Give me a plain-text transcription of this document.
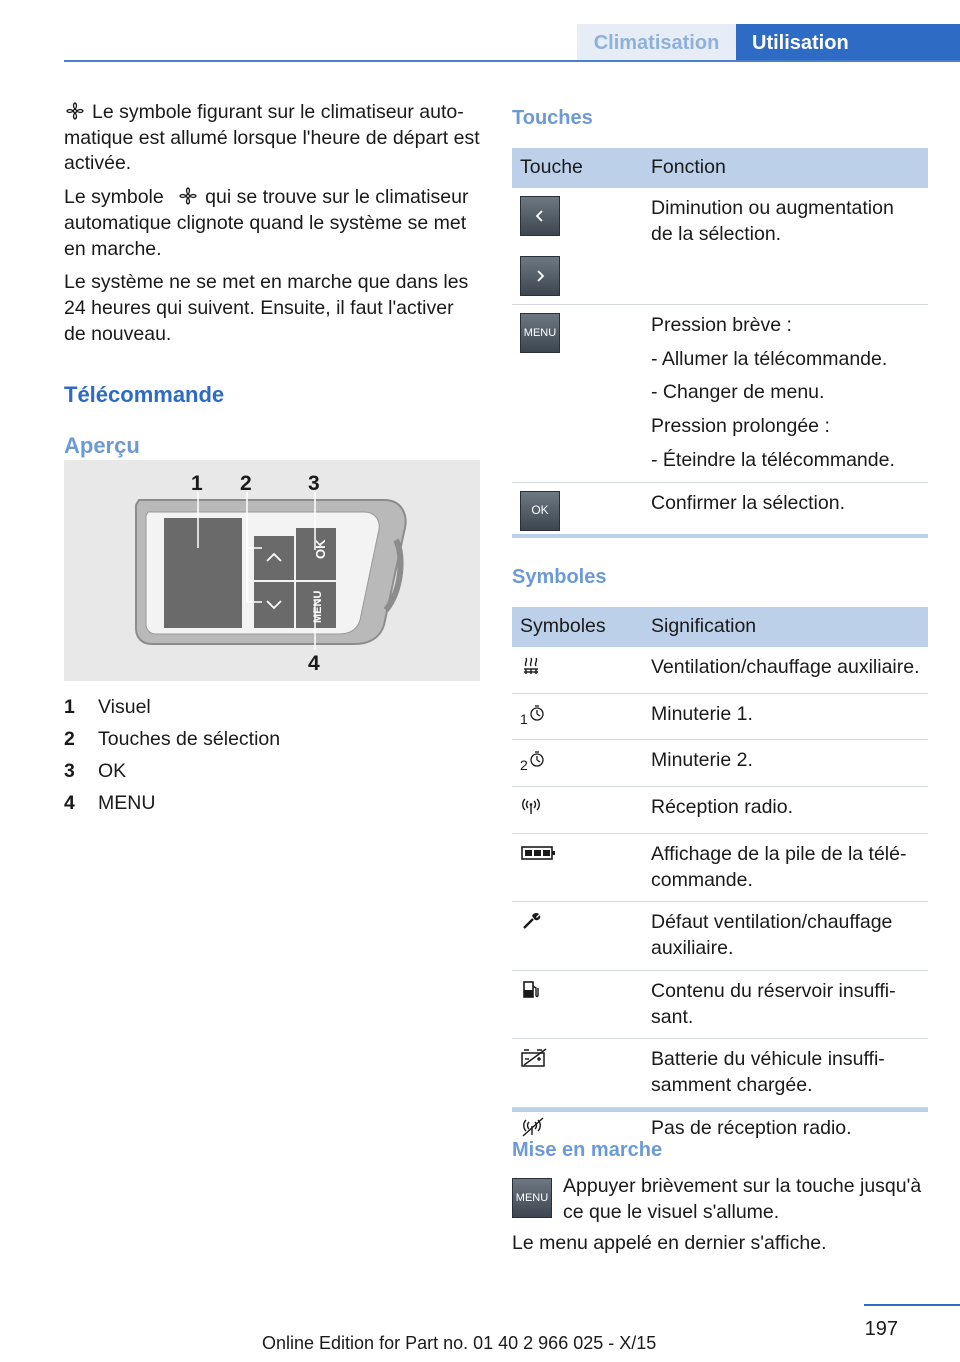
Climatisation	Utilisation

Le symbole figurant sur le climatiseur automatique est allumé lorsque l'heure de départ est activée.

Le symbole qui se trouve sur le climatiseur automatique clignote quand le système se met en marche.

Le système ne se met en marche que dans les 24 heures qui suivent. Ensuite, il faut l'activer de nouveau.

Télécommande
Aperçu
OK
MENU
1 2	3
4
1	Visuel
2	Touches de sélection
3	OK
4	MENU
Touches
Touche	Fonction

	Diminution ou augmentation de la sélection.

MENU	Pression brève :

- Allumer la télécommande.

- Changer de menu.

Pression prolongée :

- Éteindre la télécommande.

OK	Confirmer la sélection.
Symboles
Symboles	Signification
	Ventilation/chauffage auxiliaire.
1	Minuterie 1.
2	Minuterie 2.
	Réception radio.
	Affichage de la pile de la télécommande.
	Défaut ventilation/chauffage auxiliaire.
	Contenu du réservoir insuffisant.
	Batterie du véhicule insuffisamment chargée.
	Pas de réception radio.
Mise en marche
MENU
Appuyer brièvement sur la touche jusqu'à ce que le visuel s'allume.
Le menu appelé en dernier s'affiche.
197
Online Edition for Part no. 01 40 2 966 025 - X/15
